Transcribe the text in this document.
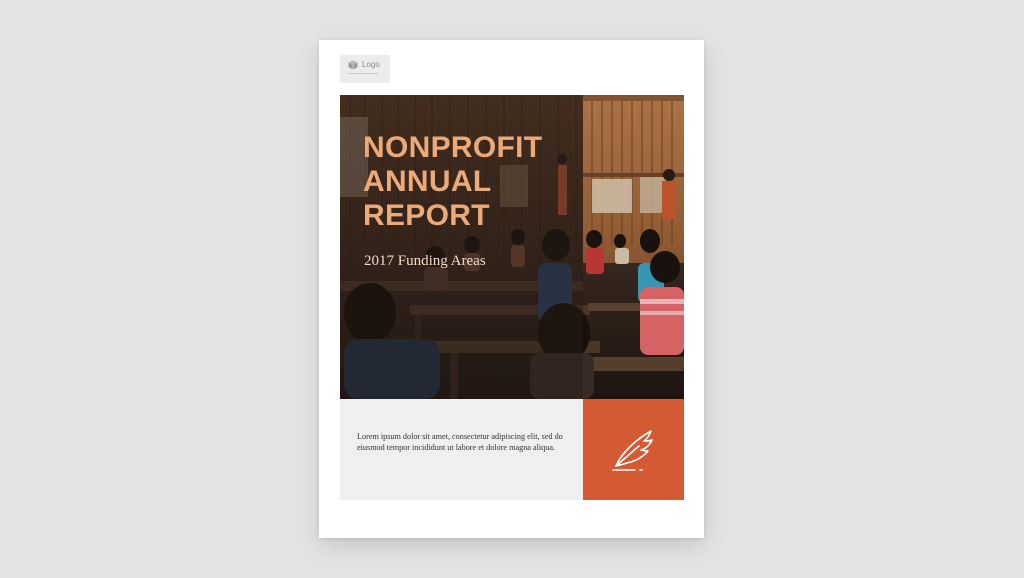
Logo
NONPROFIT
ANNUAL
REPORT
2017 Funding Areas

Lorem ipsum dolor sit amet, consectetur adipiscing elit, sed do eiusmod tempor incididunt ut labore et dolore magna aliqua.
